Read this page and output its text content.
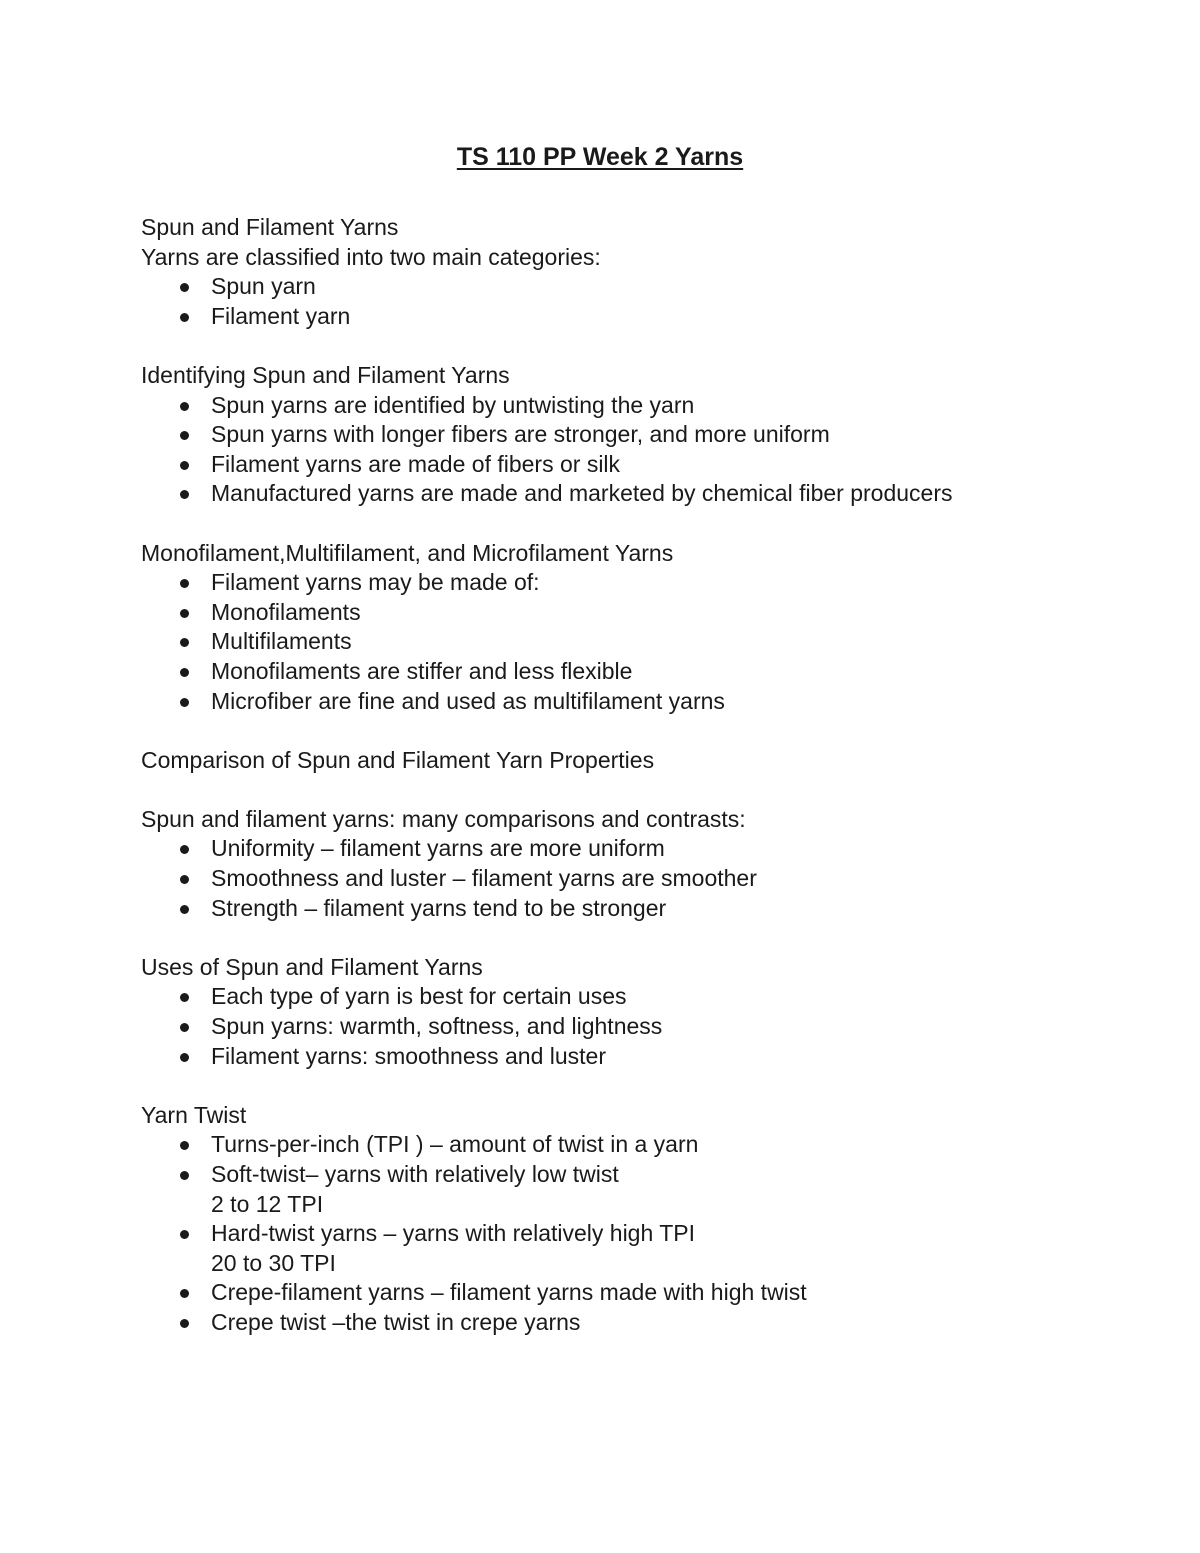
TS 110 PP Week 2 Yarns
Spun and Filament Yarns
Yarns are classified into two main categories:
Spun yarn
Filament yarn
Identifying Spun and Filament Yarns
Spun yarns are identified by untwisting the yarn
Spun yarns with longer fibers are stronger, and more uniform
Filament yarns are made of fibers or silk
Manufactured yarns are made and marketed by chemical fiber producers
Monofilament,Multifilament, and Microfilament Yarns
Filament yarns may be made of:
Monofilaments
Multifilaments
Monofilaments are stiffer and less flexible
Microfiber are fine and used as multifilament yarns
Comparison of Spun and Filament Yarn Properties
Spun and filament yarns: many comparisons and contrasts:
Uniformity – filament yarns are more uniform
Smoothness and luster – filament yarns are smoother
Strength – filament yarns tend to be stronger
Uses of Spun and Filament Yarns
Each type of yarn is best for certain uses
Spun yarns: warmth, softness, and lightness
Filament yarns: smoothness and luster
Yarn Twist
Turns-per-inch (TPI ) – amount of twist in a yarn
Soft-twist– yarns with relatively low twist
2 to 12 TPI
Hard-twist yarns – yarns with relatively high TPI
20 to 30 TPI
Crepe-filament yarns – filament yarns made with high twist
Crepe twist –the twist in crepe yarns
